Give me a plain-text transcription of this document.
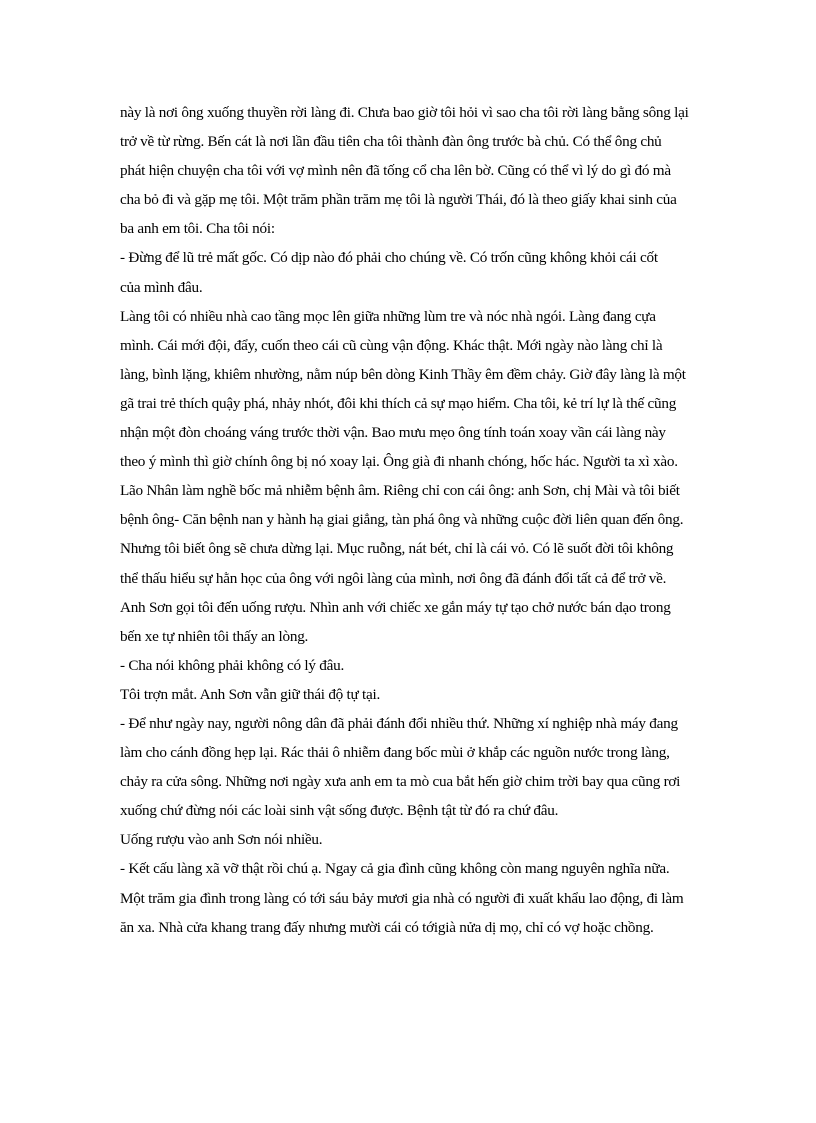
này là nơi ông xuống thuyền rời làng đi. Chưa bao giờ tôi hỏi vì sao cha tôi rời làng bằng sông lại
trở về từ rừng. Bến cát là nơi lần đầu tiên cha tôi thành đàn ông trước bà chủ. Có thể ông chủ
phát hiện chuyện cha tôi với vợ mình nên đã tống cổ cha lên bờ. Cũng có thể vì lý do gì đó mà
cha bỏ đi và gặp mẹ tôi. Một trăm phần trăm mẹ tôi là người Thái, đó là theo giấy khai sinh của
ba anh em tôi. Cha tôi nói:
- Đừng để lũ trẻ mất gốc. Có dịp nào đó phải cho chúng về. Có trốn cũng không khỏi cái cốt
của mình đâu.
Làng tôi có nhiều nhà cao tầng mọc lên giữa những lùm tre và nóc nhà ngói. Làng đang cựa
mình. Cái mới đội, đẩy, cuốn theo cái cũ cùng vận động. Khác thật. Mới ngày nào làng chỉ là
làng, bình lặng, khiêm nhường, nằm núp bên dòng Kinh Thầy êm đềm chảy. Giờ đây làng là một
gã trai trẻ thích quậy phá, nhảy nhót, đôi khi thích cả sự mạo hiểm. Cha tôi, kẻ trí lự là thế cũng
nhận một đòn choáng váng trước thời vận. Bao mưu mẹo ông tính toán xoay vần cái làng này
theo ý mình thì giờ chính ông bị nó xoay lại. Ông già đi nhanh chóng, hốc hác. Người ta xì xào.
Lão Nhân làm nghề bốc mả nhiễm bệnh âm. Riêng chỉ con cái ông: anh Sơn, chị Mài và tôi biết
bệnh ông- Căn bệnh nan y hành hạ giai giẳng, tàn phá ông và những cuộc đời liên quan đến ông.
Nhưng tôi biết ông sẽ chưa dừng lại. Mục ruỗng, nát bét, chỉ là cái vỏ. Có lẽ suốt đời tôi không
thể thấu hiểu sự hằn học của ông với ngôi làng của mình, nơi ông đã đánh đổi tất cả để trở về.
Anh Sơn gọi tôi đến uống rượu. Nhìn anh với chiếc xe gắn máy tự tạo chở nước bán dạo trong
bến xe tự nhiên tôi thấy an lòng.
- Cha nói không phải không có lý đâu.
Tôi trợn mắt. Anh Sơn vẫn giữ thái độ tự tại.
- Để như ngày nay, người nông dân đã phải đánh đổi nhiều thứ. Những xí nghiệp nhà máy đang
làm cho cánh đồng hẹp lại. Rác thải ô nhiễm đang bốc mùi ở khắp các nguồn nước trong làng,
chảy ra cửa sông. Những nơi ngày xưa anh em ta mò cua bắt hến giờ chim trời bay qua cũng rơi
xuống chứ đừng nói các loài sinh vật sống được. Bệnh tật từ đó ra chứ đâu.
Uống rượu vào anh Sơn nói nhiều.
- Kết cấu làng xã vỡ thật rồi chú ạ. Ngay cả gia đình cũng không còn mang nguyên nghĩa nữa.
Một trăm gia đình trong làng có tới sáu bảy mươi gia nhà có người đi xuất khẩu lao động, đi làm
ăn xa. Nhà cửa khang trang đấy nhưng mười cái có tớigià nửa dị mọ, chỉ có vợ hoặc chồng.
